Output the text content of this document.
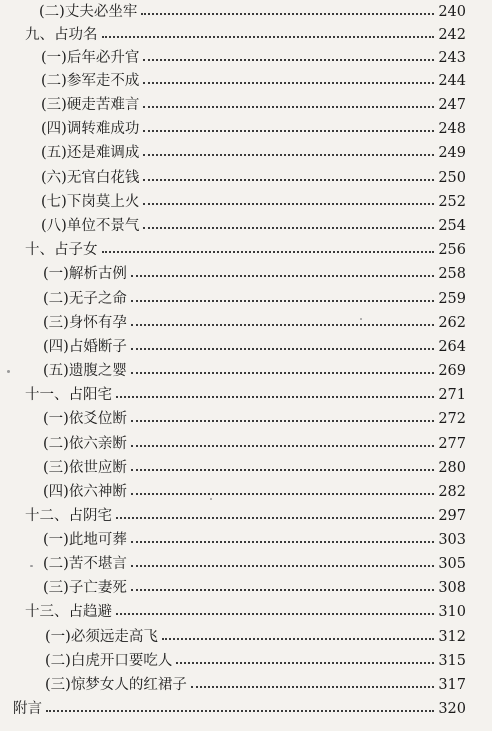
(二)丈夫必坐牢	240
九、占功名	242
(一)后年必升官	243
(二)参军走不成	244
(三)硬走苦难言	247
(四)调转难成功	248
(五)还是难调成	249
(六)无官白花钱	250
(七)下岗莫上火	252
(八)单位不景气	254
十、占子女	256
(一)解析古例	258
(二)无子之命	259
(三)身怀有孕	262
(四)占婚断子	264
(五)遗腹之婴	269
十一、占阳宅	271
(一)依爻位断	272
(二)依六亲断	277
(三)依世应断	280
(四)依六神断	282
十二、占阴宅	297
(一)此地可葬	303
(二)苦不堪言	305
(三)子亡妻死	308
十三、占趋避	310
(一)必须远走高飞	312
(二)白虎开口要吃人	315
(三)惊梦女人的红裙子	317
附言	320
